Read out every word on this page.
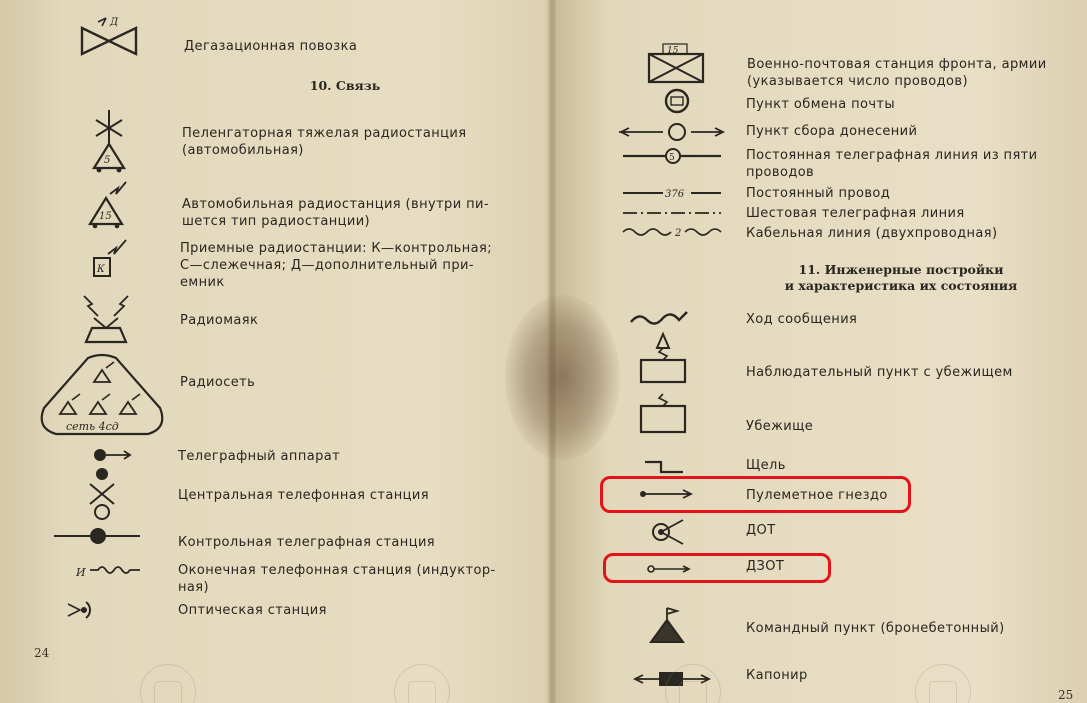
Д
5
15
К
сеть 4сд
И
Дегазационная повозка
10. Связь
Пеленгаторная тяжелая радиостанция
(автомобильная)
Автомобильная радиостанция (внутри пи-
шется тип радиостанции)
Приемные радиостанции: К—контрольная;
С—слежечная; Д—дополнительный при-
емник
Радиомаяк
Радиосеть
Телеграфный аппарат
Центральная телефонная станция
Контрольная телеграфная станция
Оконечная телефонная станция (индуктор-
ная)
Оптическая станция
24
15
5
376
2
Военно-почтовая станция фронта, армии
(указывается число проводов)
Пункт обмена почты
Пункт сбора донесений
Постоянная телеграфная линия из пяти
проводов
Постоянный провод
Шестовая телеграфная линия
Кабельная линия (двухпроводная)
11. Инженерные постройки
и характеристика их состояния
Ход сообщения
Наблюдательный пункт с убежищем
Убежище
Щель
Пулеметное гнездо
ДОТ
ДЗОТ
Командный пункт (бронебетонный)
Капонир
25
